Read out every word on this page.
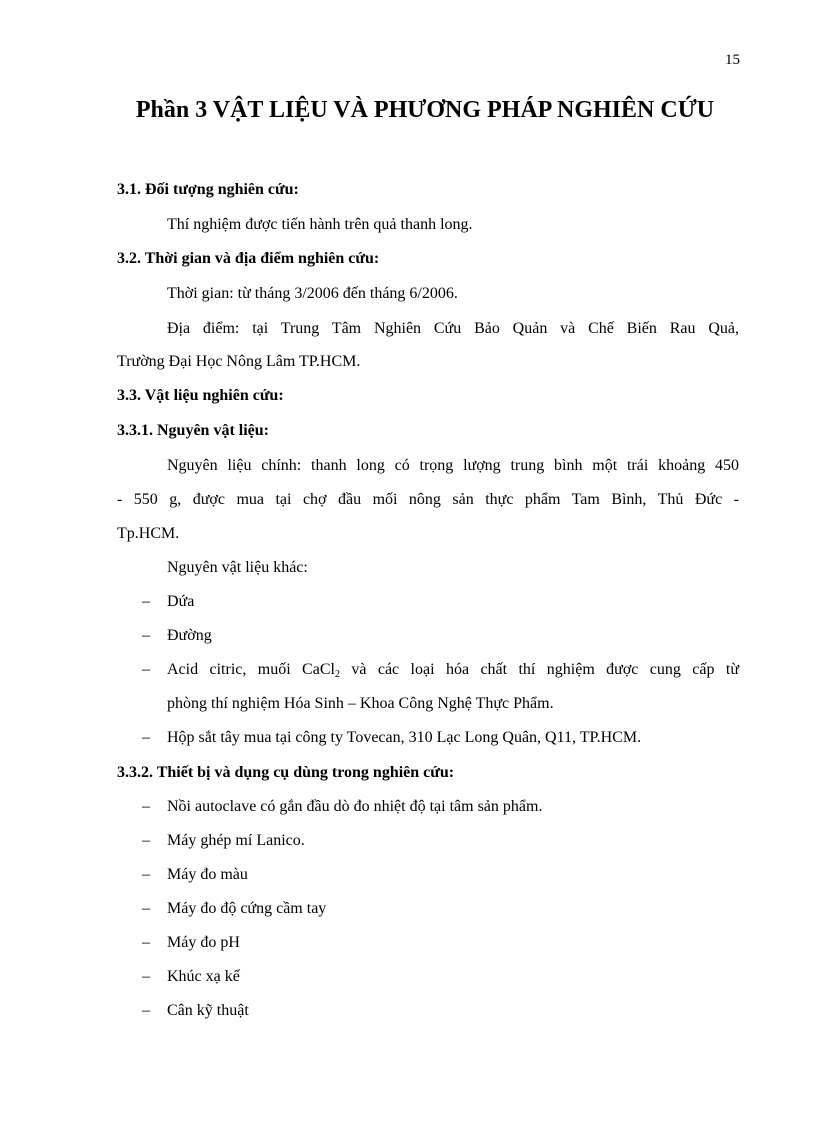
15
Phần 3 VẬT LIỆU VÀ PHƯƠNG PHÁP NGHIÊN CỨU
3.1. Đối tượng nghiên cứu:
Thí nghiệm được tiến hành trên quả thanh long.
3.2. Thời gian và địa điểm nghiên cứu:
Thời gian: từ tháng 3/2006 đến tháng 6/2006.
Địa điểm: tại Trung Tâm Nghiên Cứu Bảo Quản và Chế Biến Rau Quả,
Trường Đại Học Nông Lâm TP.HCM.
3.3. Vật liệu nghiên cứu:
3.3.1. Nguyên vật liệu:
Nguyên liệu chính: thanh long có trọng lượng trung bình một trái khoảng 450
- 550 g, được mua tại chợ đầu mối nông sản thực phẩm Tam Bình, Thủ Đức -
Tp.HCM.
Nguyên vật liệu khác:
– Dứa
– Đường
– Acid citric, muối CaCl$_2$ và các loại hóa chất thí nghiệm được cung cấp từ
phòng thí nghiệm Hóa Sinh – Khoa Công Nghệ Thực Phẩm.
– Hộp sắt tây mua tại công ty Tovecan, 310 Lạc Long Quân, Q11, TP.HCM.
3.3.2. Thiết bị và dụng cụ dùng trong nghiên cứu:
– Nồi autoclave có gắn đầu dò đo nhiệt độ tại tâm sản phẩm.
– Máy ghép mí Lanico.
– Máy đo màu
– Máy đo độ cứng cầm tay
– Máy đo pH
– Khúc xạ kế
– Cân kỹ thuật
